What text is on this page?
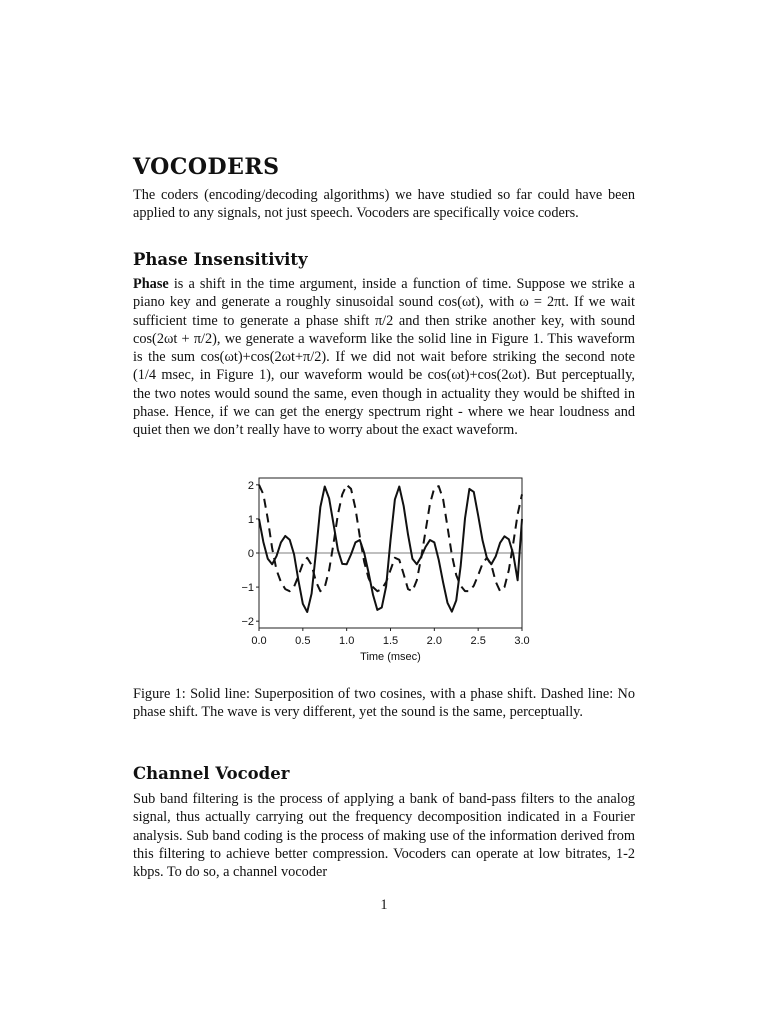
VOCODERS

The coders (encoding/decoding algorithms) we have studied so far could have been applied to any signals, not just speech. Vocoders are specifically voice coders.

Phase Insensitivity

Phase is a shift in the time argument, inside a function of time. Suppose we strike a piano key and generate a roughly sinusoidal sound cos(ωt), with ω = 2πt. If we wait sufficient time to generate a phase shift π/2 and then strike another key, with sound cos(2ωt + π/2), we generate a waveform like the solid line in Figure 1. This waveform is the sum cos(ωt)+cos(2ωt+π/2). If we did not wait before striking the second note (1/4 msec, in Figure 1), our waveform would be cos(ωt)+cos(2ωt). But perceptually, the two notes would sound the same, even though in actuality they would be shifted in phase. Hence, if we can get the energy spectrum right - where we hear loudness and quiet then we don’t really have to worry about the exact waveform.

2
1
0
−1
−2
0.0	0.5	1.0	1.5	2.0	2.5	3.0
Time (msec)

Figure 1: Solid line: Superposition of two cosines, with a phase shift. Dashed line: No phase shift. The wave is very different, yet the sound is the same, perceptually.

Channel Vocoder

Sub band filtering is the process of applying a bank of band-pass filters to the analog signal, thus actually carrying out the frequency decomposition indicated in a Fourier analysis. Sub band coding is the process of making use of the information derived from this filtering to achieve better compression. Vocoders can operate at low bitrates, 1-2 kbps. To do so, a channel vocoder

1
